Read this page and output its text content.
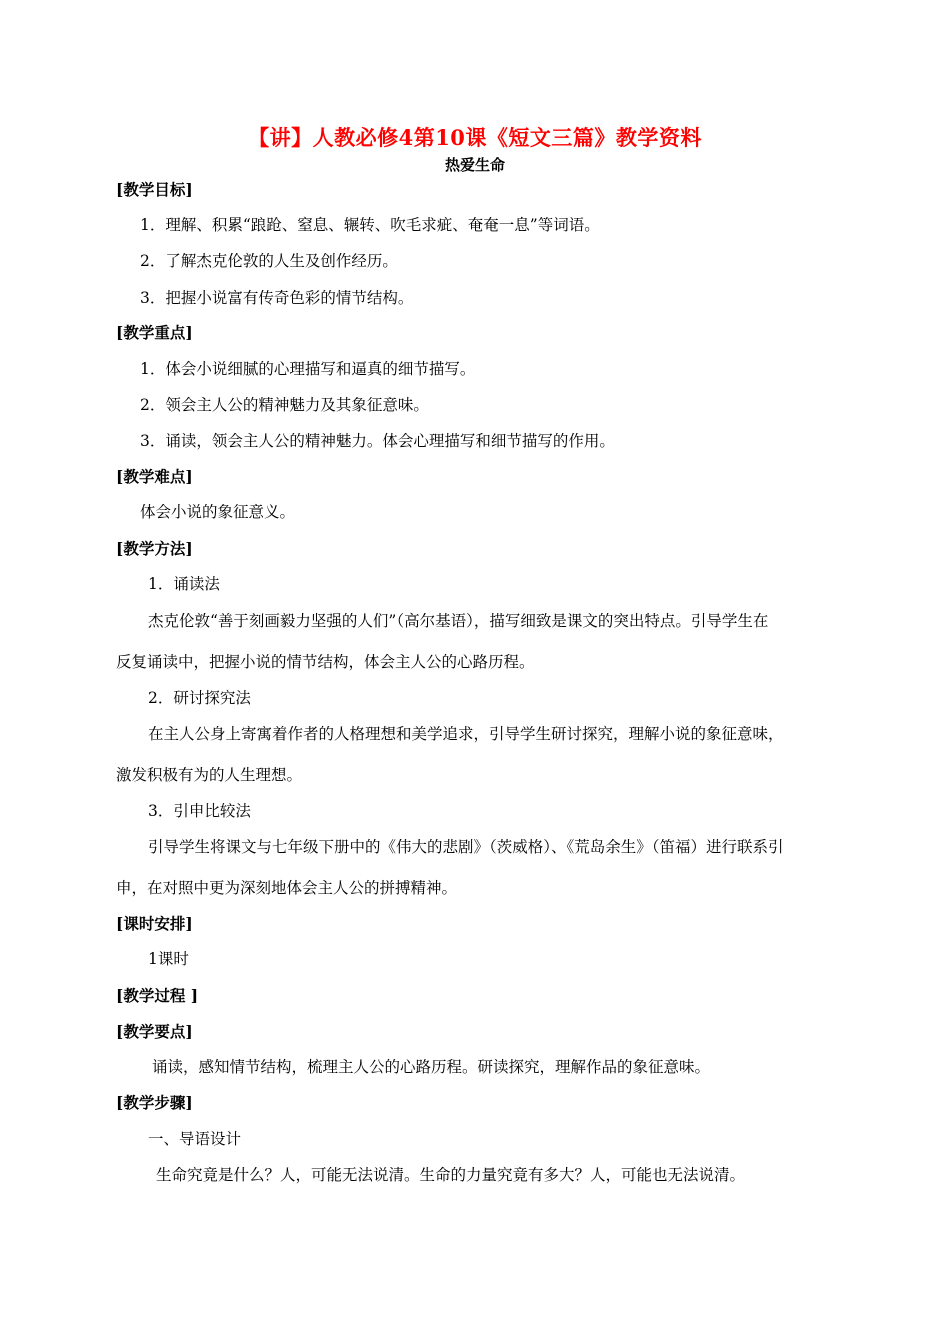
【讲】人教必修4第10课《短文三篇》教学资料
热爱生命
[教学目标]
1．理解、积累“踉跄、窒息、辗转、吹毛求疵、奄奄一息”等词语。
2．了解杰克伦敦的人生及创作经历。
3．把握小说富有传奇色彩的情节结构。
[教学重点]
1．体会小说细腻的心理描写和逼真的细节描写。
2．领会主人公的精神魅力及其象征意味。
3．诵读，领会主人公的精神魅力。体会心理描写和细节描写的作用。
[教学难点]
体会小说的象征意义。
[教学方法]
1．诵读法
杰克伦敦“善于刻画毅力坚强的人们”（高尔基语），描写细致是课文的突出特点。引导学生在
反复诵读中，把握小说的情节结构，体会主人公的心路历程。
2．研讨探究法
在主人公身上寄寓着作者的人格理想和美学追求，引导学生研讨探究，理解小说的象征意味，
激发积极有为的人生理想。
3．引申比较法
引导学生将课文与七年级下册中的《伟大的悲剧》（茨威格）、《荒岛余生》（笛福）进行联系引
申，在对照中更为深刻地体会主人公的拼搏精神。
[课时安排]
1课时
[教学过程 ]
[教学要点]
诵读，感知情节结构，梳理主人公的心路历程。研读探究，理解作品的象征意味。
[教学步骤]
一、导语设计
生命究竟是什么？人，可能无法说清。生命的力量究竟有多大？人，可能也无法说清。
